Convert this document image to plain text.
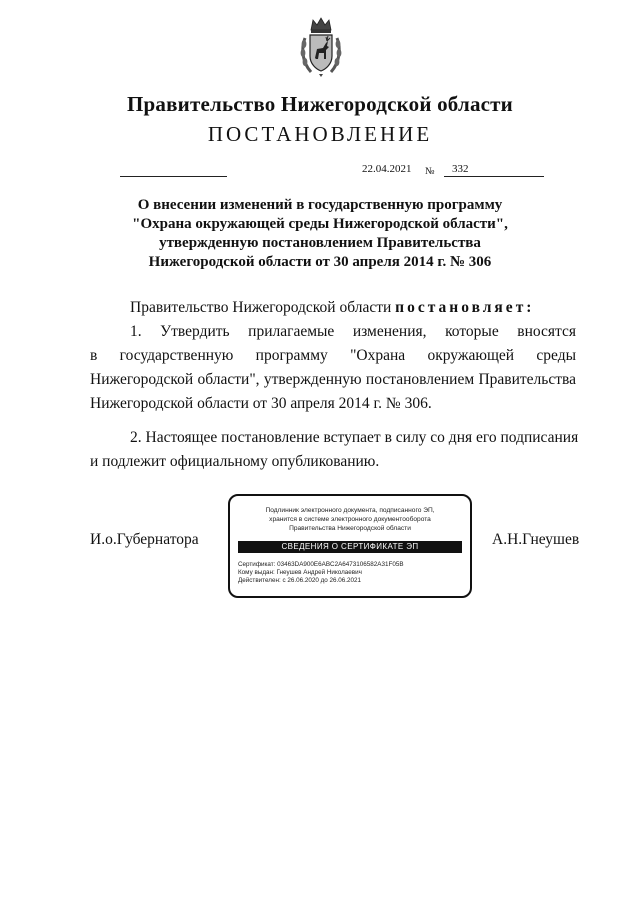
Правительство Нижегородской области
ПОСТАНОВЛЕНИЕ
22.04.2021 № 332
О внесении изменений в государственную программу
"Охрана окружающей среды Нижегородской области",
утвержденную постановлением Правительства
Нижегородской области от 30 апреля 2014 г. № 306
Правительство Нижегородской области постановляет:
1. Утвердить прилагаемые изменения, которые вносятся
в государственную программу "Охрана окружающей среды
Нижегородской области", утвержденную постановлением Правительства
Нижегородской области от 30 апреля 2014 г. № 306.
2. Настоящее постановление вступает в силу со дня его подписания
и подлежит официальному опубликованию.
И.о.Губернатора	А.Н.Гнеушев
Подлинник электронного документа, подписанного ЭП,
хранится в системе электронного документооборота
Правительства Нижегородской области
СВЕДЕНИЯ О СЕРТИФИКАТЕ ЭП
Сертификат: 03463DA900E6ABC2A6473106582A31F05B
Кому выдан: Гнеушев Андрей Николаевич
Действителен: с 26.06.2020 до 26.06.2021
